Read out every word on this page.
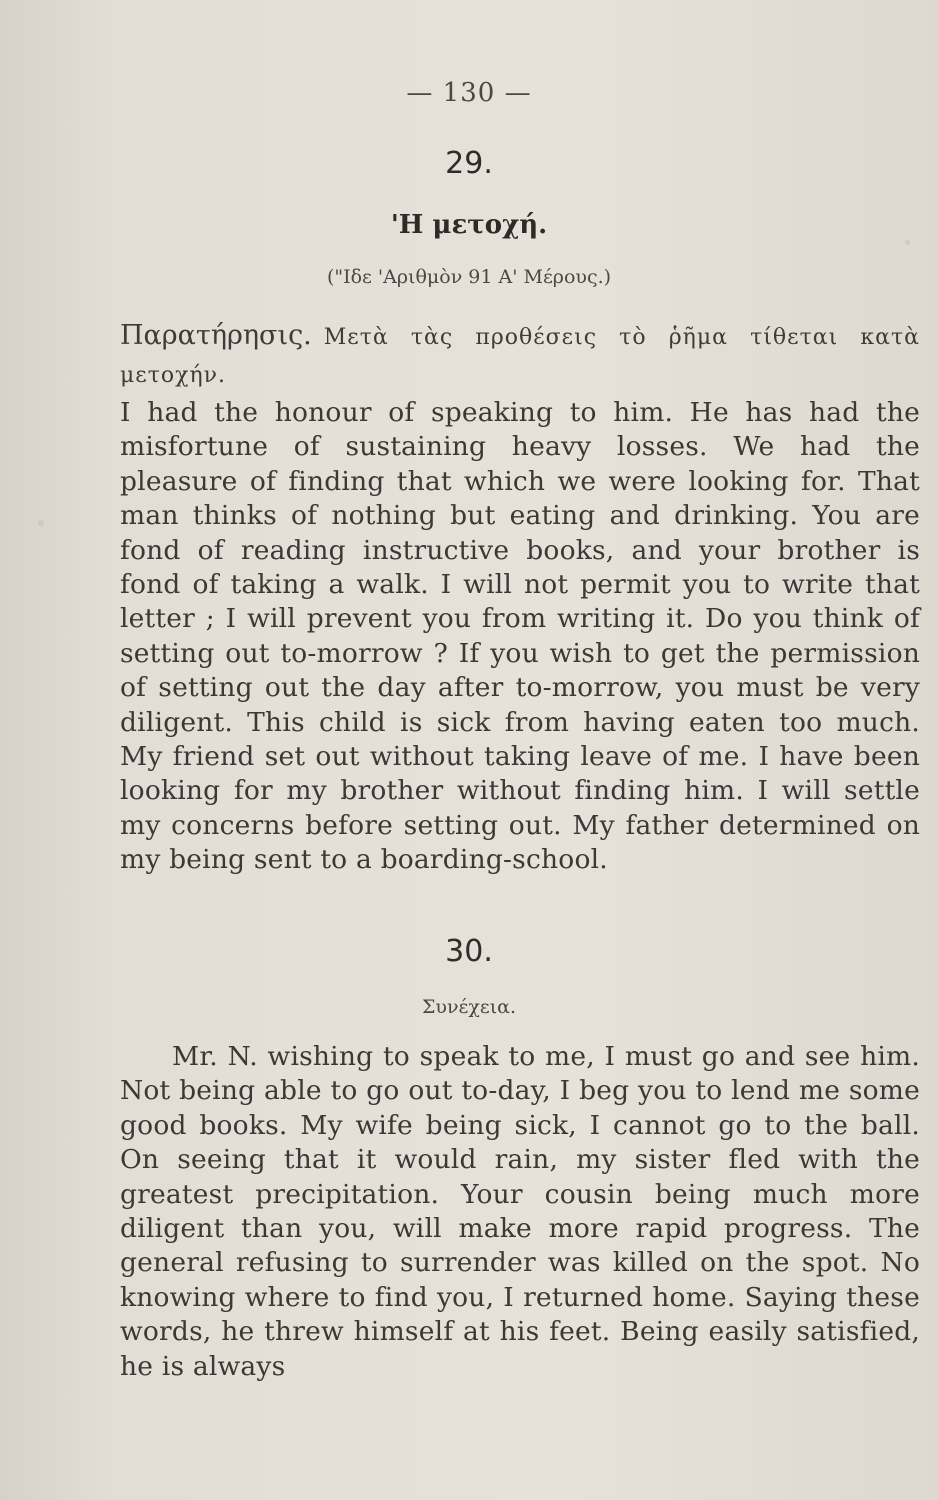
— 130 —
29.
'Η μετοχή.
("Ιδε 'Αριθμὸν 91 Α' Μέρους.)
Παρατήρησις. Μετὰ τὰς προθέσεις τὸ ῥῆμα τίθεται κατὰ μετοχήν.
I had the honour of speaking to him. He has had the misfortune of sustaining heavy losses. We had the pleasure of finding that which we were looking for. That man thinks of nothing but eating and drinking. You are fond of reading instructive books, and your brother is fond of taking a walk. I will not permit you to write that letter ; I will prevent you from writing it. Do you think of setting out to-morrow ? If you wish to get the permission of setting out the day after to-morrow, you must be very diligent. This child is sick from having eaten too much. My friend set out without taking leave of me. I have been looking for my brother without finding him. I will settle my concerns before setting out. My father determined on my being sent to a boarding-school.
30.
Συνέχεια.
Mr. N. wishing to speak to me, I must go and see him. Not being able to go out to-day, I beg you to lend me some good books. My wife being sick, I cannot go to the ball. On seeing that it would rain, my sister fled with the greatest precipitation. Your cousin being much more diligent than you, will make more rapid progress. The general refusing to surrender was killed on the spot. No knowing where to find you, I returned home. Saying these words, he threw himself at his feet. Being easily satisfied, he is always
